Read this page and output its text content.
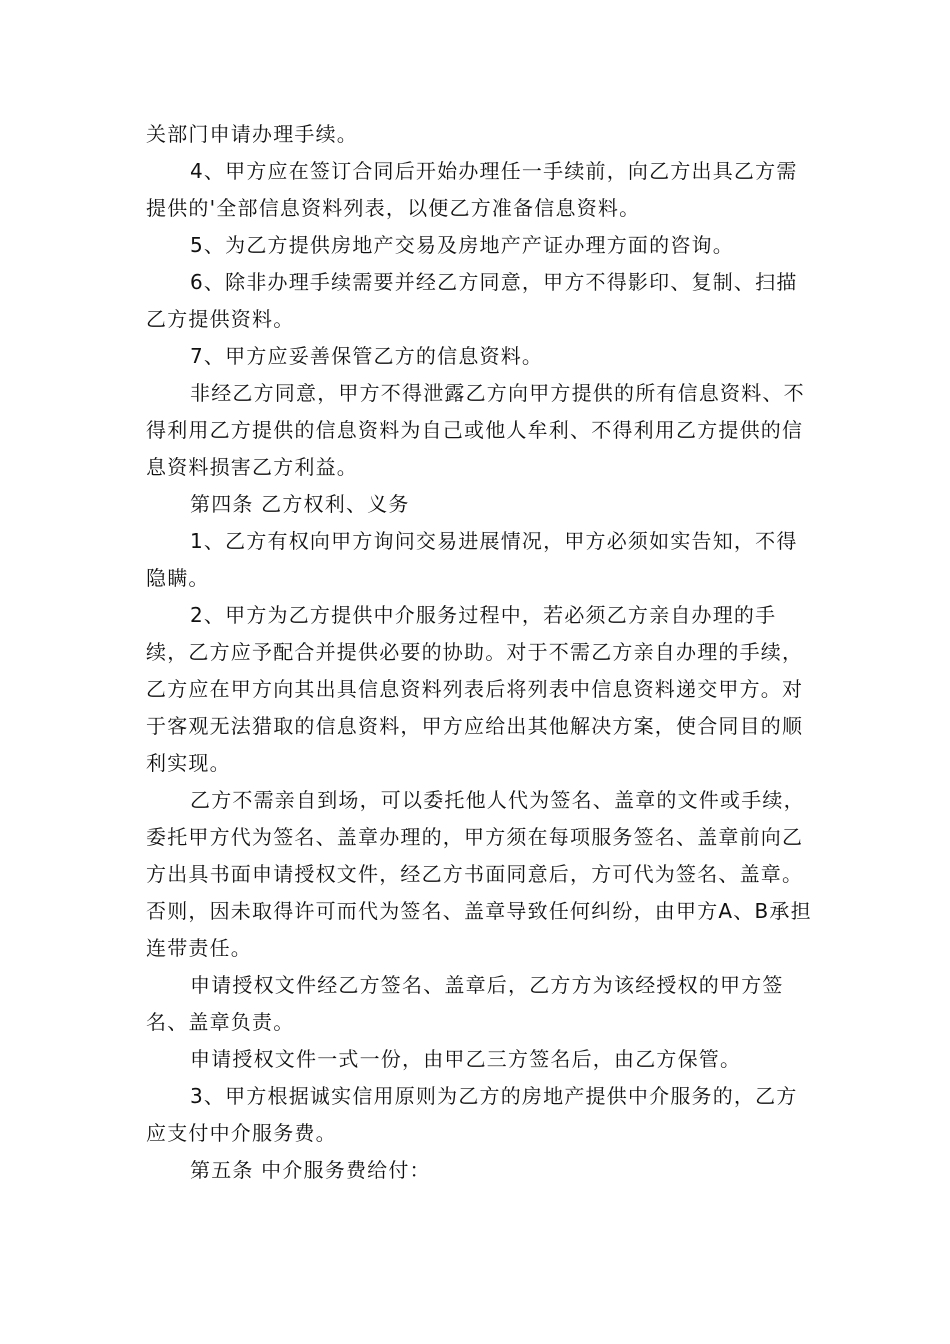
关部门申请办理手续。

4、甲方应在签订合同后开始办理任一手续前，向乙方出具乙方需提供的'全部信息资料列表，以便乙方准备信息资料。

5、为乙方提供房地产交易及房地产产证办理方面的咨询。

6、除非办理手续需要并经乙方同意，甲方不得影印、复制、扫描乙方提供资料。

7、甲方应妥善保管乙方的信息资料。

非经乙方同意，甲方不得泄露乙方向甲方提供的所有信息资料、不得利用乙方提供的信息资料为自己或他人牟利、不得利用乙方提供的信息资料损害乙方利益。

第四条 乙方权利、义务

1、乙方有权向甲方询问交易进展情况，甲方必须如实告知，不得隐瞒。

2、甲方为乙方提供中介服务过程中，若必须乙方亲自办理的手续，乙方应予配合并提供必要的协助。对于不需乙方亲自办理的手续，乙方应在甲方向其出具信息资料列表后将列表中信息资料递交甲方。对于客观无法猎取的信息资料，甲方应给出其他解决方案，使合同目的顺利实现。

乙方不需亲自到场，可以委托他人代为签名、盖章的文件或手续，委托甲方代为签名、盖章办理的，甲方须在每项服务签名、盖章前向乙方出具书面申请授权文件，经乙方书面同意后，方可代为签名、盖章。否则，因未取得许可而代为签名、盖章导致任何纠纷，由甲方A、B承担连带责任。

申请授权文件经乙方签名、盖章后，乙方方为该经授权的甲方签名、盖章负责。

申请授权文件一式一份，由甲乙三方签名后，由乙方保管。

3、甲方根据诚实信用原则为乙方的房地产提供中介服务的，乙方应支付中介服务费。

第五条 中介服务费给付：
